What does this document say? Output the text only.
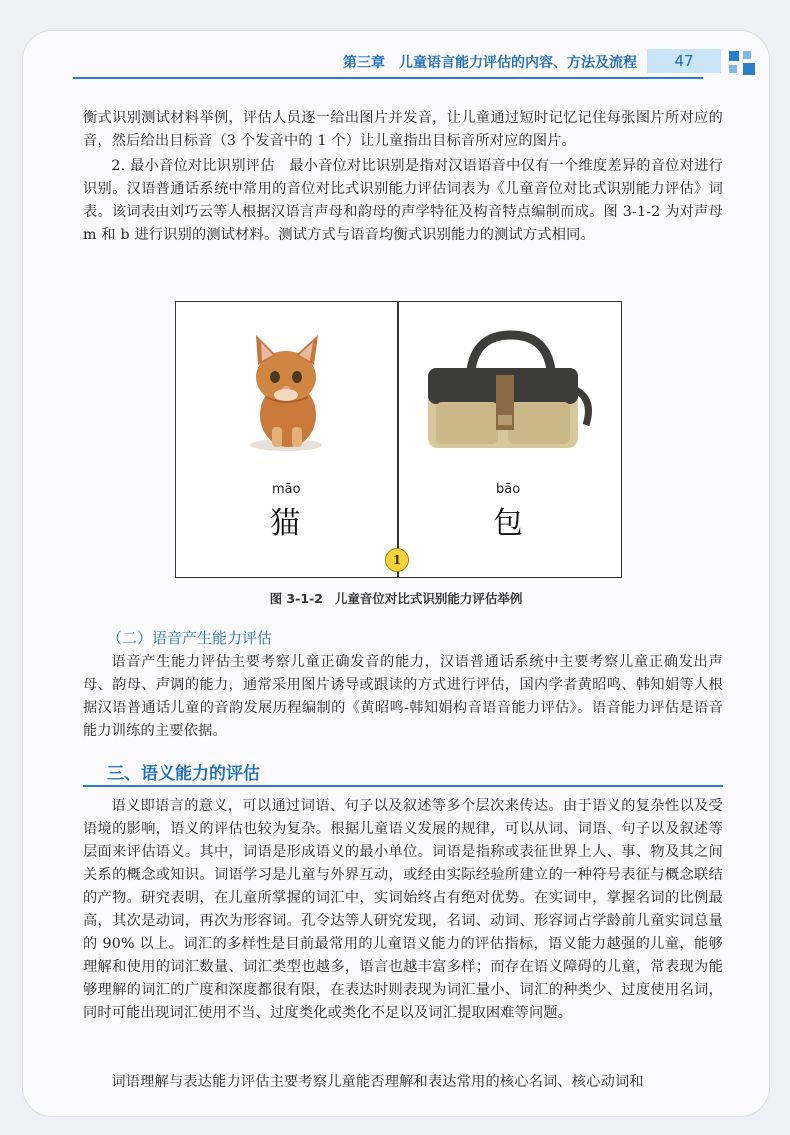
第三章 儿童语言能力评估的内容、方法及流程	47

衡式识别测试材料举例，评估人员逐一给出图片并发音，让儿童通过短时记忆记住每张图片所对应的音，然后给出目标音（3 个发音中的 1 个）让儿童指出目标音所对应的图片。

2. 最小音位对比识别评估　最小音位对比识别是指对汉语语音中仅有一个维度差异的音位对进行识别。汉语普通话系统中常用的音位对比式识别能力评估词表为《儿童音位对比式识别能力评估》词表。该词表由刘巧云等人根据汉语言声母和韵母的声学特征及构音特点编制而成。图 3-1-2 为对声母 m 和 b 进行识别的测试材料。测试方式与语音均衡式识别能力的测试方式相同。

māo
猫
bāo
包
1
图 3-1-2 儿童音位对比式识别能力评估举例
（二）语音产生能力评估

语音产生能力评估主要考察儿童正确发音的能力，汉语普通话系统中主要考察儿童正确发出声母、韵母、声调的能力，通常采用图片诱导或跟读的方式进行评估，国内学者黄昭鸣、韩知娟等人根据汉语普通话儿童的音韵发展历程编制的《黄昭鸣-韩知娟构音语音能力评估》。语音能力评估是语音能力训练的主要依据。

三、语义能力的评估

语义即语言的意义，可以通过词语、句子以及叙述等多个层次来传达。由于语义的复杂性以及受语境的影响，语义的评估也较为复杂。根据儿童语义发展的规律，可以从词、词语、句子以及叙述等层面来评估语义。其中，词语是形成语义的最小单位。词语是指称或表征世界上人、事、物及其之间关系的概念或知识。词语学习是儿童与外界互动，或经由实际经验所建立的一种符号表征与概念联结的产物。研究表明，在儿童所掌握的词汇中，实词始终占有绝对优势。在实词中，掌握名词的比例最高，其次是动词，再次为形容词。孔令达等人研究发现，名词、动词、形容词占学龄前儿童实词总量的 90% 以上。词汇的多样性是目前最常用的儿童语义能力的评估指标，语义能力越强的儿童，能够理解和使用的词汇数量、词汇类型也越多，语言也越丰富多样；而存在语义障碍的儿童，常表现为能够理解的词汇的广度和深度都很有限，在表达时则表现为词汇量小、词汇的种类少、过度使用名词，同时可能出现词汇使用不当、过度类化或类化不足以及词汇提取困难等问题。

词语理解与表达能力评估主要考察儿童能否理解和表达常用的核心名词、核心动词和
